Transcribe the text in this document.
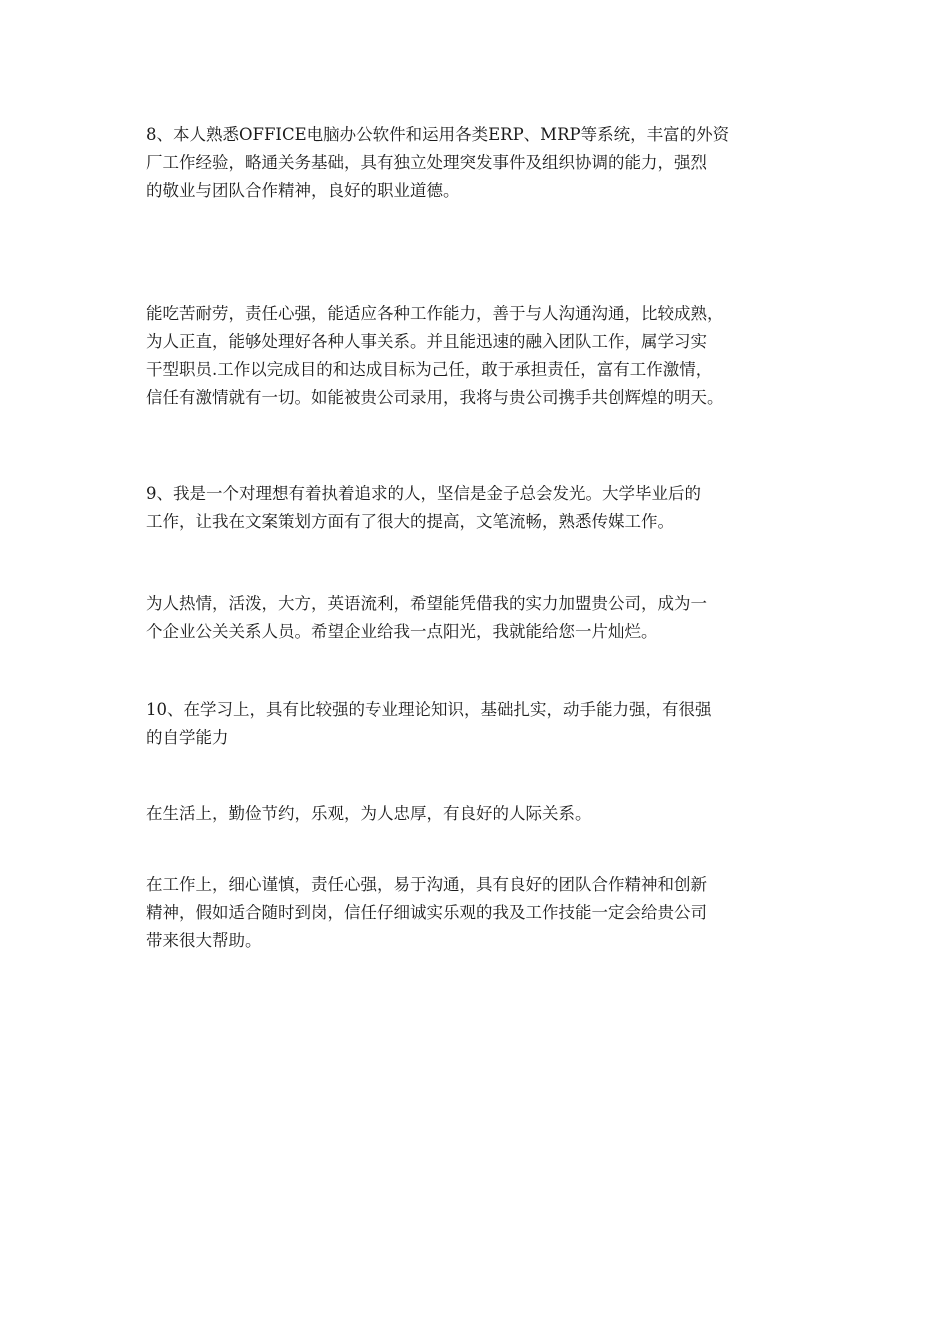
8、本人熟悉OFFICE电脑办公软件和运用各类ERP、MRP等系统，丰富的外资
厂工作经验，略通关务基础，具有独立处理突发事件及组织协调的能力，强烈
的敬业与团队合作精神，良好的职业道德。
能吃苦耐劳，责任心强，能适应各种工作能力，善于与人沟通沟通，比较成熟，
为人正直，能够处理好各种人事关系。并且能迅速的融入团队工作，属学习实
干型职员.工作以完成目的和达成目标为己任，敢于承担责任，富有工作激情，
信任有激情就有一切。如能被贵公司录用，我将与贵公司携手共创辉煌的明天。
9、我是一个对理想有着执着追求的人，坚信是金子总会发光。大学毕业后的
工作，让我在文案策划方面有了很大的提高，文笔流畅，熟悉传媒工作。
为人热情，活泼，大方，英语流利，希望能凭借我的实力加盟贵公司，成为一
个企业公关关系人员。希望企业给我一点阳光，我就能给您一片灿烂。
10、在学习上，具有比较强的专业理论知识，基础扎实，动手能力强，有很强
的自学能力
在生活上，勤俭节约，乐观，为人忠厚，有良好的人际关系。
在工作上，细心谨慎，责任心强，易于沟通，具有良好的团队合作精神和创新
精神，假如适合随时到岗，信任仔细诚实乐观的我及工作技能一定会给贵公司
带来很大帮助。
